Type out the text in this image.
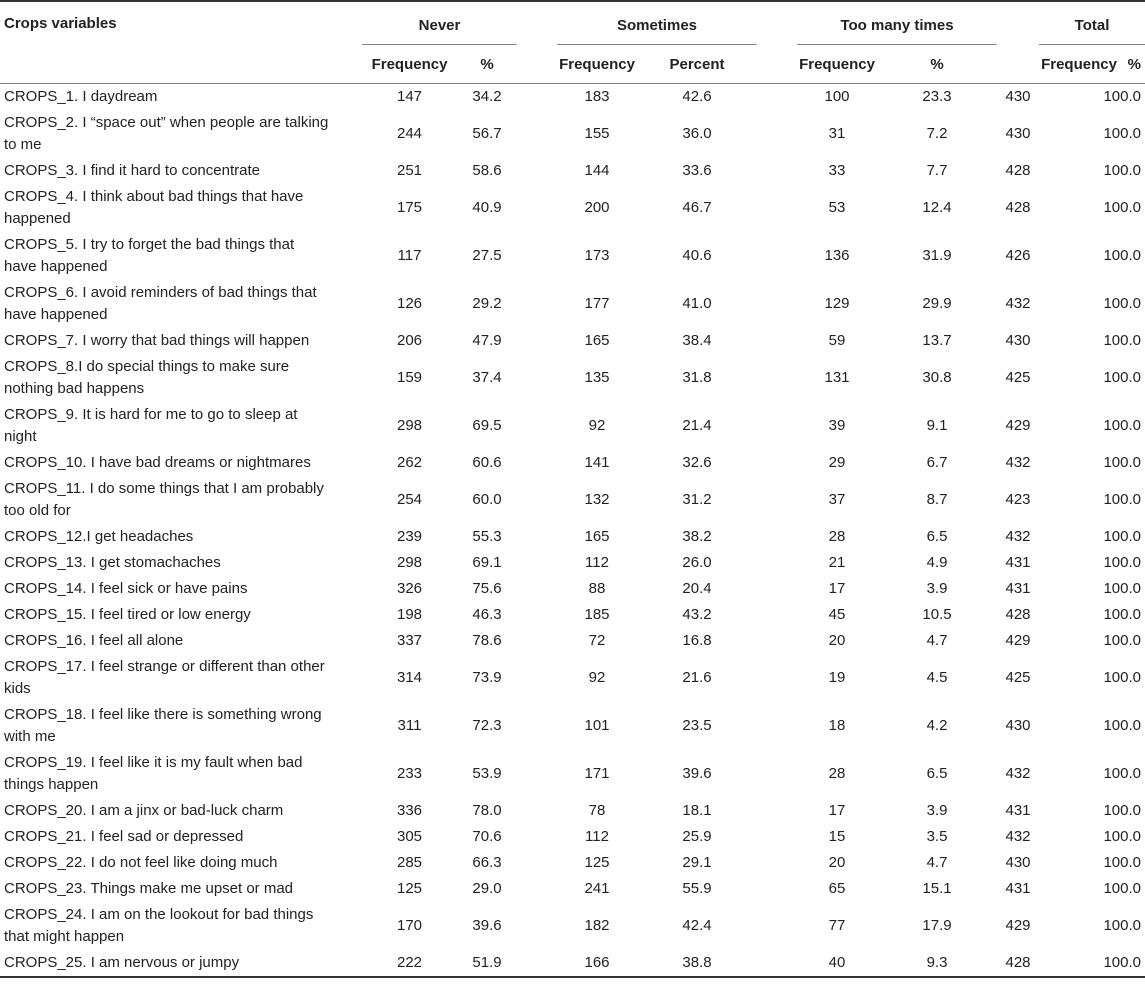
Crops variables		Never			Sometimes			Too many times			Total	
		Frequency	%		Frequency	Percent		Frequency	%		Frequency	%

CROPS_1. I daydream		147	34.2		183	42.6		100	23.3	430	100.0	
CROPS_2. I “space out” when people are talking to me		244	56.7		155	36.0		31	7.2	430	100.0	
CROPS_3. I find it hard to concentrate		251	58.6		144	33.6		33	7.7	428	100.0	
CROPS_4. I think about bad things that have happened		175	40.9		200	46.7		53	12.4	428	100.0	
CROPS_5. I try to forget the bad things that have happened		117	27.5		173	40.6		136	31.9	426	100.0	
CROPS_6. I avoid reminders of bad things that have happened		126	29.2		177	41.0		129	29.9	432	100.0	
CROPS_7. I worry that bad things will happen		206	47.9		165	38.4		59	13.7	430	100.0	
CROPS_8.I do special things to make sure nothing bad happens		159	37.4		135	31.8		131	30.8	425	100.0	
CROPS_9. It is hard for me to go to sleep at night		298	69.5		92	21.4		39	9.1	429	100.0	
CROPS_10. I have bad dreams or nightmares		262	60.6		141	32.6		29	6.7	432	100.0	
CROPS_11. I do some things that I am probably too old for		254	60.0		132	31.2		37	8.7	423	100.0	
CROPS_12.I get headaches		239	55.3		165	38.2		28	6.5	432	100.0	
CROPS_13. I get stomachaches		298	69.1		112	26.0		21	4.9	431	100.0	
CROPS_14. I feel sick or have pains		326	75.6		88	20.4		17	3.9	431	100.0	
CROPS_15. I feel tired or low energy		198	46.3		185	43.2		45	10.5	428	100.0	
CROPS_16. I feel all alone		337	78.6		72	16.8		20	4.7	429	100.0	
CROPS_17. I feel strange or different than other kids		314	73.9		92	21.6		19	4.5	425	100.0	
CROPS_18. I feel like there is something wrong with me		311	72.3		101	23.5		18	4.2	430	100.0	
CROPS_19. I feel like it is my fault when bad things happen		233	53.9		171	39.6		28	6.5	432	100.0	
CROPS_20. I am a jinx or bad-luck charm		336	78.0		78	18.1		17	3.9	431	100.0	
CROPS_21. I feel sad or depressed		305	70.6		112	25.9		15	3.5	432	100.0	
CROPS_22. I do not feel like doing much		285	66.3		125	29.1		20	4.7	430	100.0	
CROPS_23. Things make me upset or mad		125	29.0		241	55.9		65	15.1	431	100.0	
CROPS_24. I am on the lookout for bad things that might happen		170	39.6		182	42.4		77	17.9	429	100.0	
CROPS_25. I am nervous or jumpy		222	51.9		166	38.8		40	9.3	428	100.0	
